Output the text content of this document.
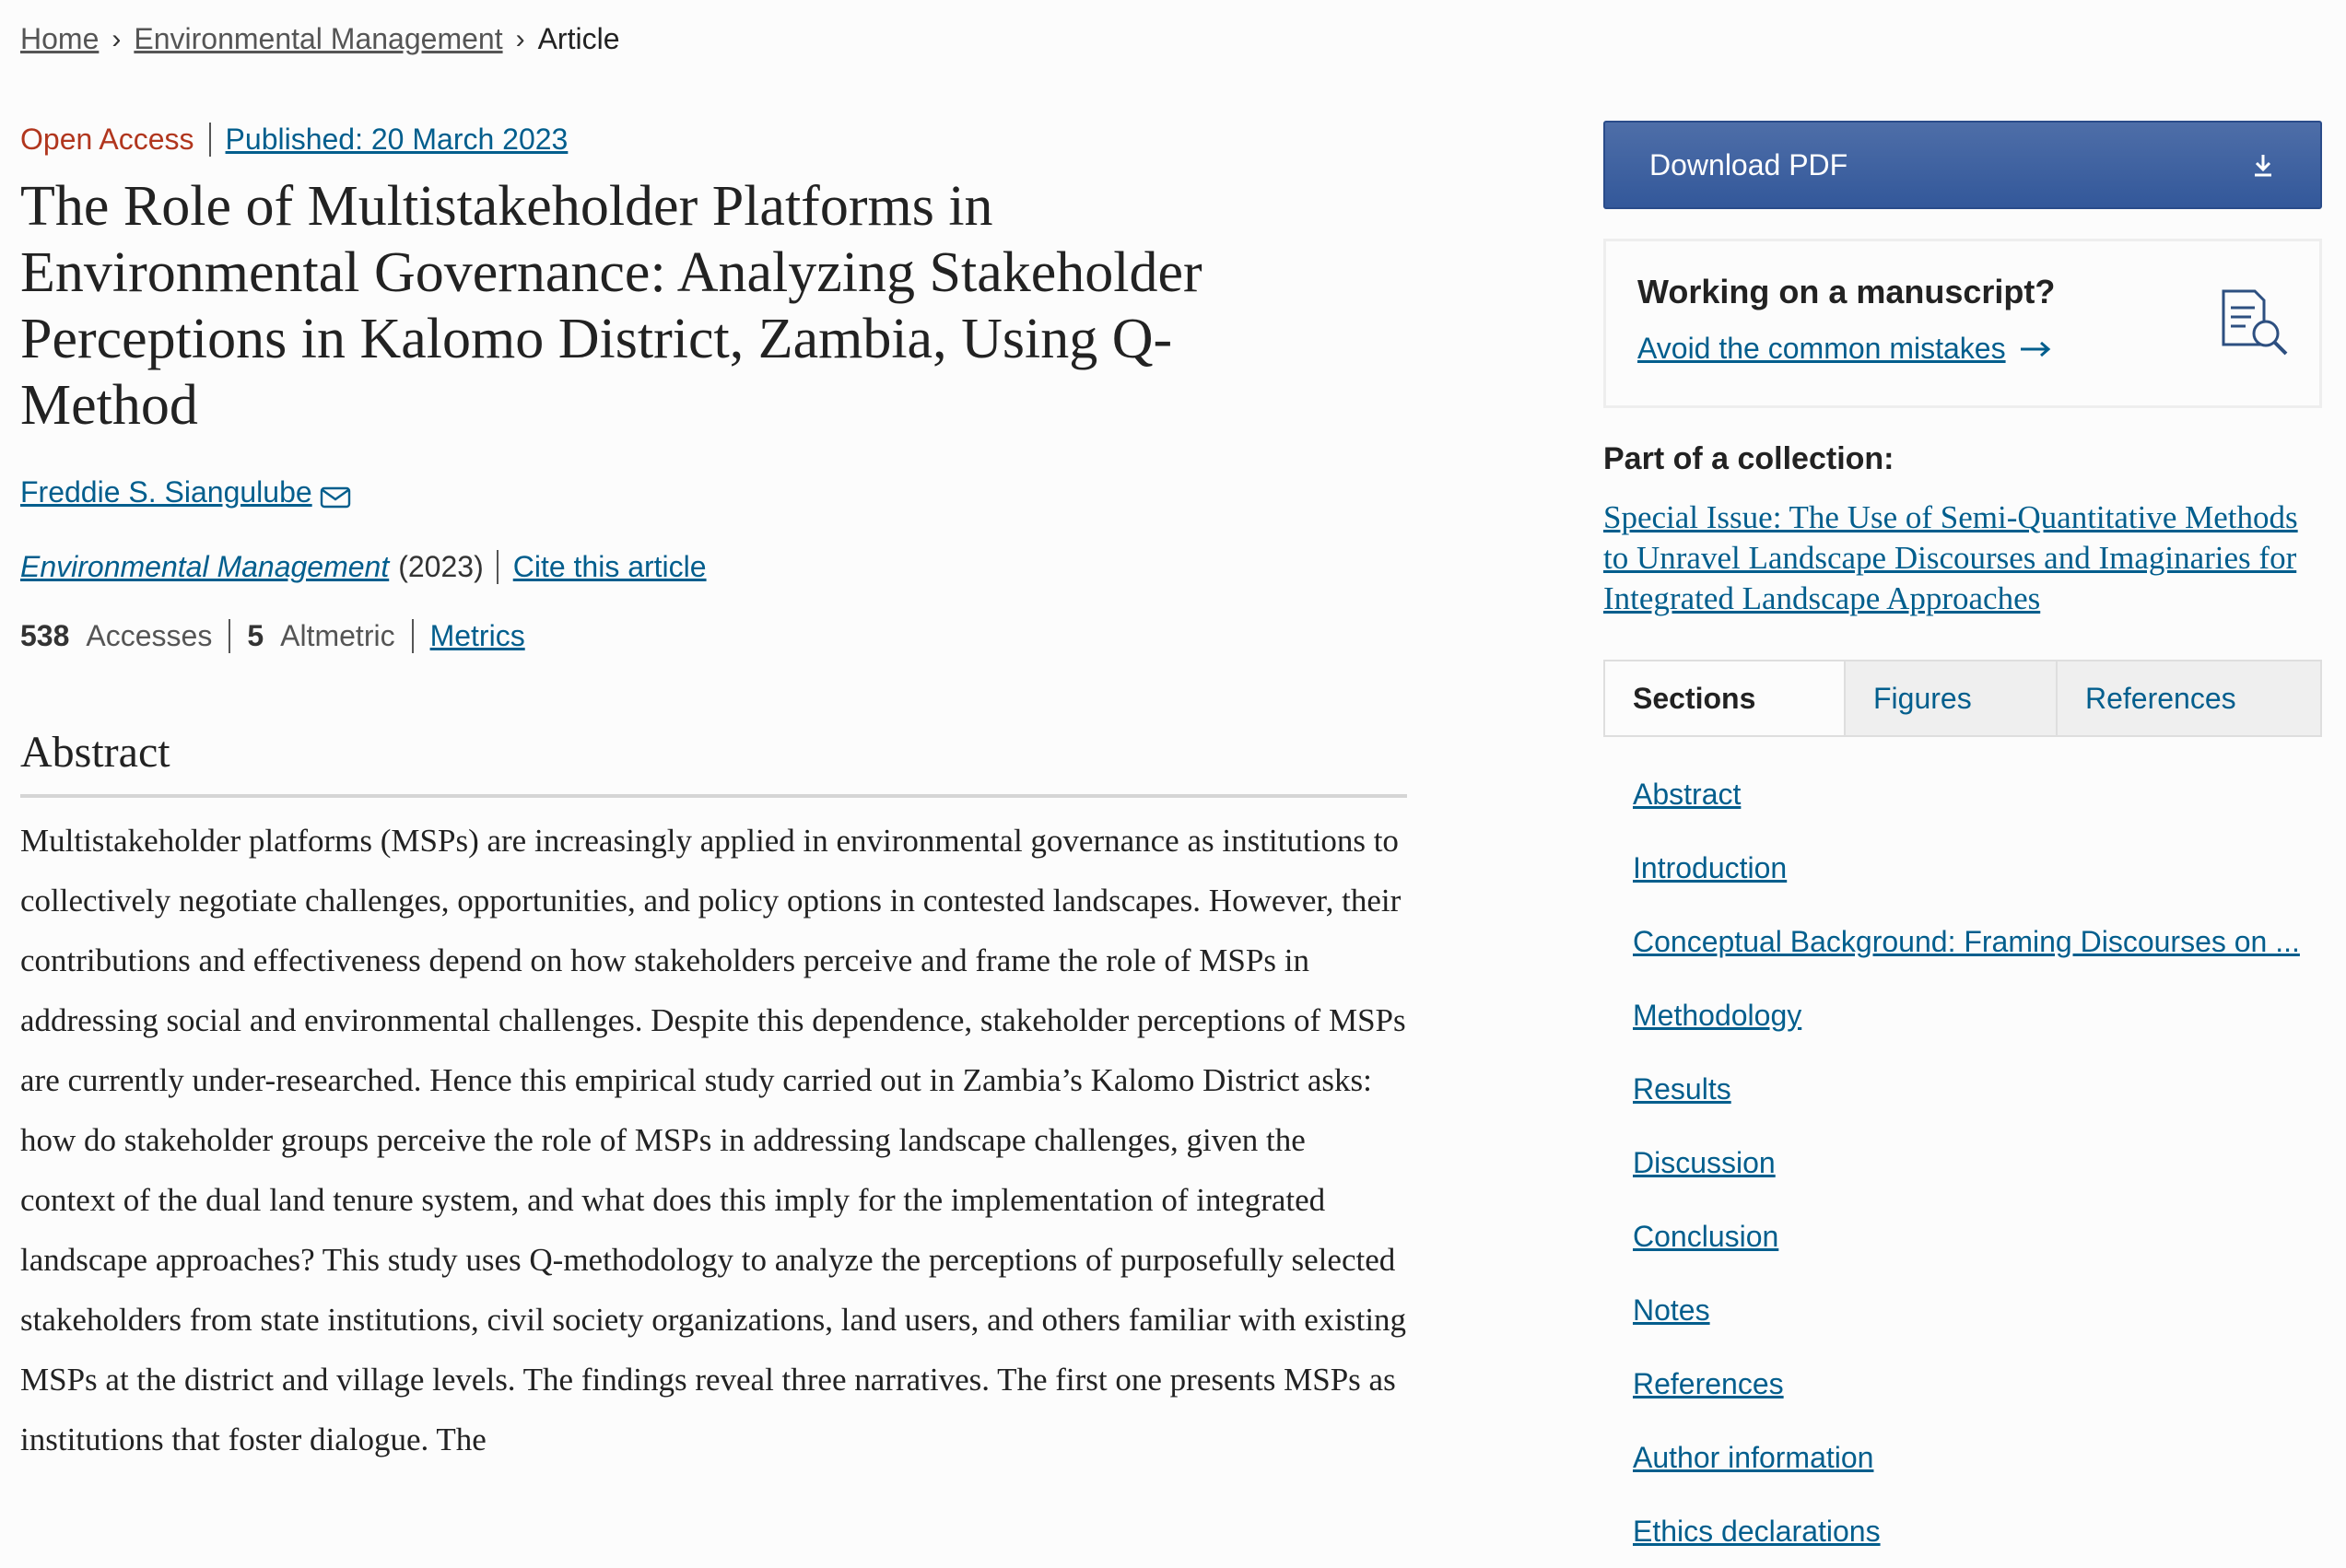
Home › Environmental Management › Article
Open Access	Published: 20 March 2023
The Role of Multistakeholder Platforms in Environmental Governance: Analyzing Stakeholder Perceptions in Kalomo District, Zambia, Using Q-Method
Freddie S. Siangulube
Environmental Management (2023)	Cite this article
538 Accesses 5 Altmetric	Metrics
Abstract

Multistakeholder platforms (MSPs) are increasingly applied in environmental governance as institutions to collectively negotiate challenges, opportunities, and policy options in contested landscapes. However, their contributions and effectiveness depend on how stakeholders perceive and frame the role of MSPs in addressing social and environmental challenges. Despite this dependence, stakeholder perceptions of MSPs are currently under-researched. Hence this empirical study carried out in Zambia’s Kalomo District asks: how do stakeholder groups perceive the role of MSPs in addressing landscape challenges, given the context of the dual land tenure system, and what does this imply for the implementation of integrated landscape approaches? This study uses Q-methodology to analyze the perceptions of purposefully selected stakeholders from state institutions, civil society organizations, land users, and others familiar with existing MSPs at the district and village levels. The findings reveal three narratives. The first one presents MSPs as institutions that foster dialogue. The

Download PDF
Working on a manuscript?
Avoid the common mistakes
Part of a collection:
Special Issue: The Use of Semi-Quantitative Methods to Unravel Landscape Discourses and Imaginaries for Integrated Landscape Approaches
Sections	Figures	References
Abstract
Introduction
Conceptual Background: Framing Discourses on ...
Methodology
Results
Discussion
Conclusion
Notes
References
Author information
Ethics declarations
